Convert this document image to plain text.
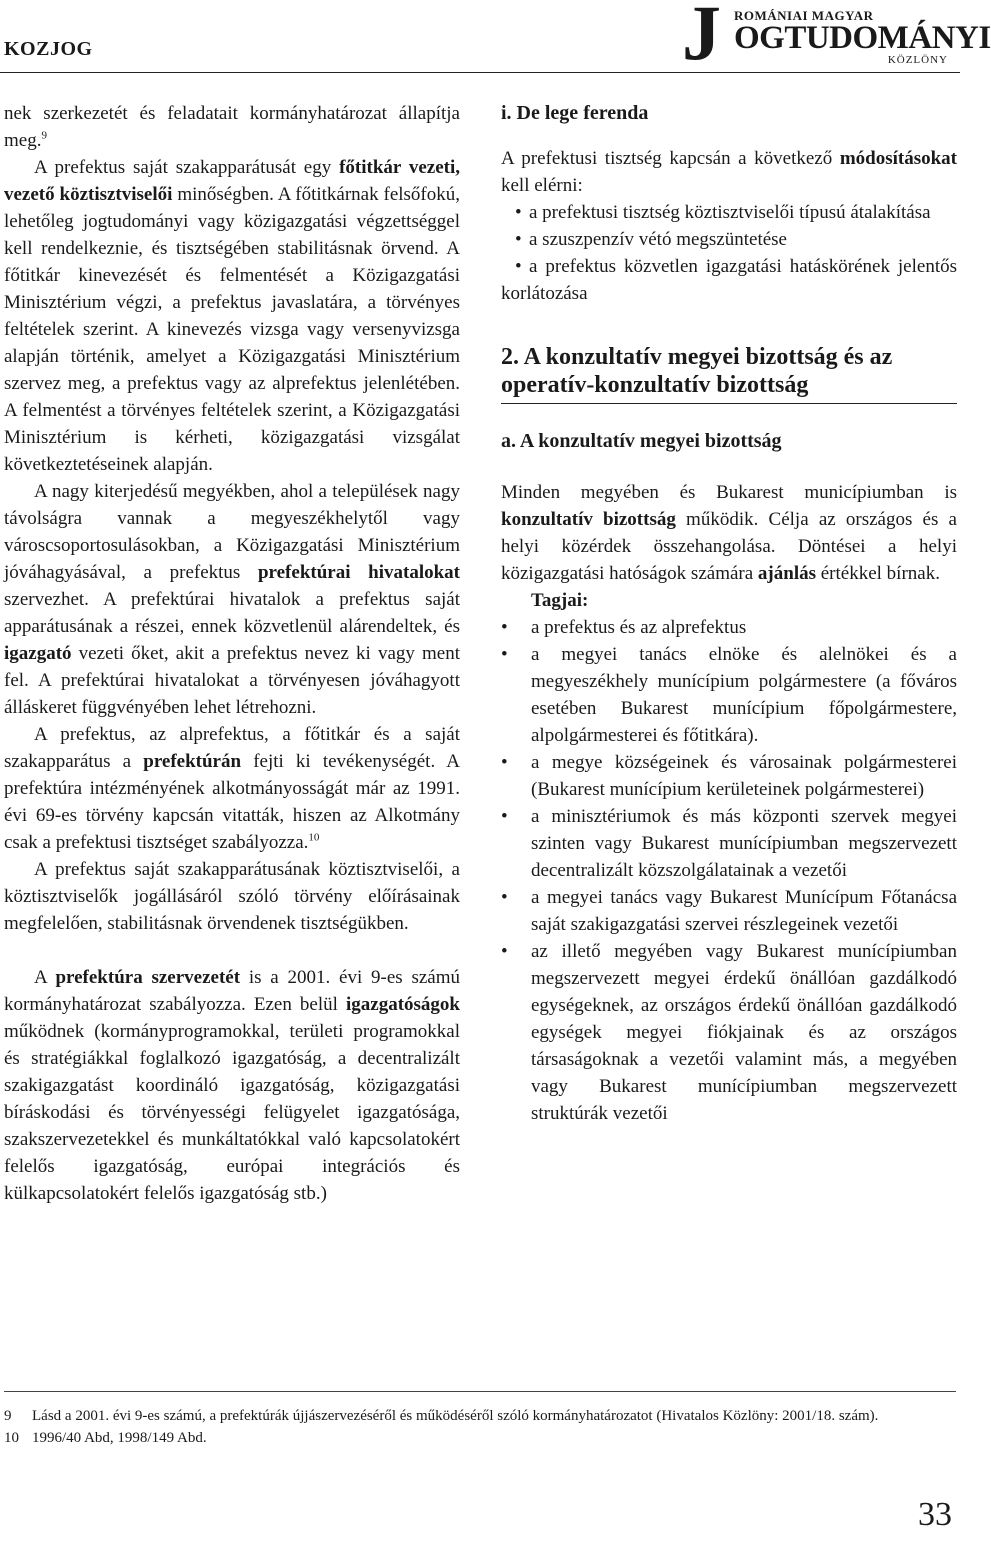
KOZJOG	J ROMÁNIAI MAGYAR
OGTUDOMÁNYI
KÖZLÖNY

nek szerkezetét és feladatait kormányhatározat állapítja meg.$^9$

A prefektus saját szakapparátusát egy főtitkár vezeti, vezető köztisztviselői minőségben. A főtitkárnak felsőfokú, lehetőleg jogtudományi vagy közigazgatási végzettséggel kell rendelkeznie, és tisztségében stabilitásnak örvend. A főtitkár kinevezését és felmentését a Közigazgatási Minisztérium végzi, a prefektus javaslatára, a törvényes feltételek szerint. A kinevezés vizsga vagy versenyvizsga alapján történik, amelyet a Közigazgatási Minisztérium szervez meg, a prefektus vagy az alprefektus jelenlétében. A felmentést a törvényes feltételek szerint, a Közigazgatási Minisztérium is kérheti, közigazgatási vizsgálat következtetéseinek alapján.

A nagy kiterjedésű megyékben, ahol a települések nagy távolságra vannak a megyeszékhelytől vagy városcsoportosulásokban, a Közigazgatási Minisztérium jóváhagyásával, a prefektus prefektúrai hivatalokat szervezhet. A prefektúrai hivatalok a prefektus saját apparátusának a részei, ennek közvetlenül alárendeltek, és igazgató vezeti őket, akit a prefektus nevez ki vagy ment fel. A prefektúrai hivatalokat a törvényesen jóváhagyott álláskeret függvényében lehet létrehozni.

A prefektus, az alprefektus, a főtitkár és a saját szakapparátus a prefektúrán fejti ki tevékenységét. A prefektúra intézményének alkotmányosságát már az 1991. évi 69-es törvény kapcsán vitatták, hiszen az Alkotmány csak a prefektusi tisztséget szabályozza.$^{10}$

A prefektus saját szakapparátusának köztisztviselői, a köztisztviselők jogállásáról szóló törvény előírásainak megfelelően, stabilitásnak örvendenek tisztségükben.

A prefektúra szervezetét is a 2001. évi 9-es számú kormányhatározat szabályozza. Ezen belül igazgatóságok működnek (kormányprogramokkal, területi programokkal és stratégiákkal foglalkozó igazgatóság, a decentralizált szakigazgatást koordináló igazgatóság, közigazgatási bíráskodási és törvényességi felügyelet igazgatósága, szakszervezetekkel és munkáltatókkal való kapcsolatokért felelős igazgatóság, európai integrációs és külkapcsolatokért felelős igazgatóság stb.)

i. De lege ferenda

A prefektusi tisztség kapcsán a következő módosításokat kell elérni:

• a prefektusi tisztség köztisztviselői típusú átalakítása
• a szuszpenzív vétó megszüntetése
• a prefektus közvetlen igazgatási hatáskörének jelentős korlátozása

2. A konzultatív megyei bizottság és az operatív-konzultatív bizottság

a. A konzultatív megyei bizottság

Minden megyében és Bukarest municípiumban is konzultatív bizottság működik. Célja az országos és a helyi közérdek összehangolása. Döntései a helyi közigazgatási hatóságok számára ajánlás értékkel bírnak.

Tagjai:

• a prefektus és az alprefektus
• a megyei tanács elnöke és alelnökei és a megyeszékhely munícípium polgármestere (a főváros esetében Bukarest munícípium főpolgármestere, alpolgármesterei és főtitkára).
• a megye községeinek és városainak polgármesterei (Bukarest munícípium kerületeinek polgármesterei)
• a minisztériumok és más központi szervek megyei szinten vagy Bukarest munícípiumban megszervezett decentralizált közszolgálatainak a vezetői
• a megyei tanács vagy Bukarest Munícípum Főtanácsa saját szakigazgatási szervei részlegeinek vezetői
• az illető megyében vagy Bukarest munícípiumban megszervezett megyei érdekű önállóan gazdálkodó egységeknek, az országos érdekű önállóan gazdálkodó egységek megyei fiókjainak és az országos társaságoknak a vezetői valamint más, a megyében vagy Bukarest munícípiumban megszervezett struktúrák vezetői
9 Lásd a 2001. évi 9-es számú, a prefektúrák újjászervezéséről és működéséről szóló kormányhatározatot (Hivatalos Közlöny: 2001/18. szám).
10 1996/40 Abd, 1998/149 Abd.
33
